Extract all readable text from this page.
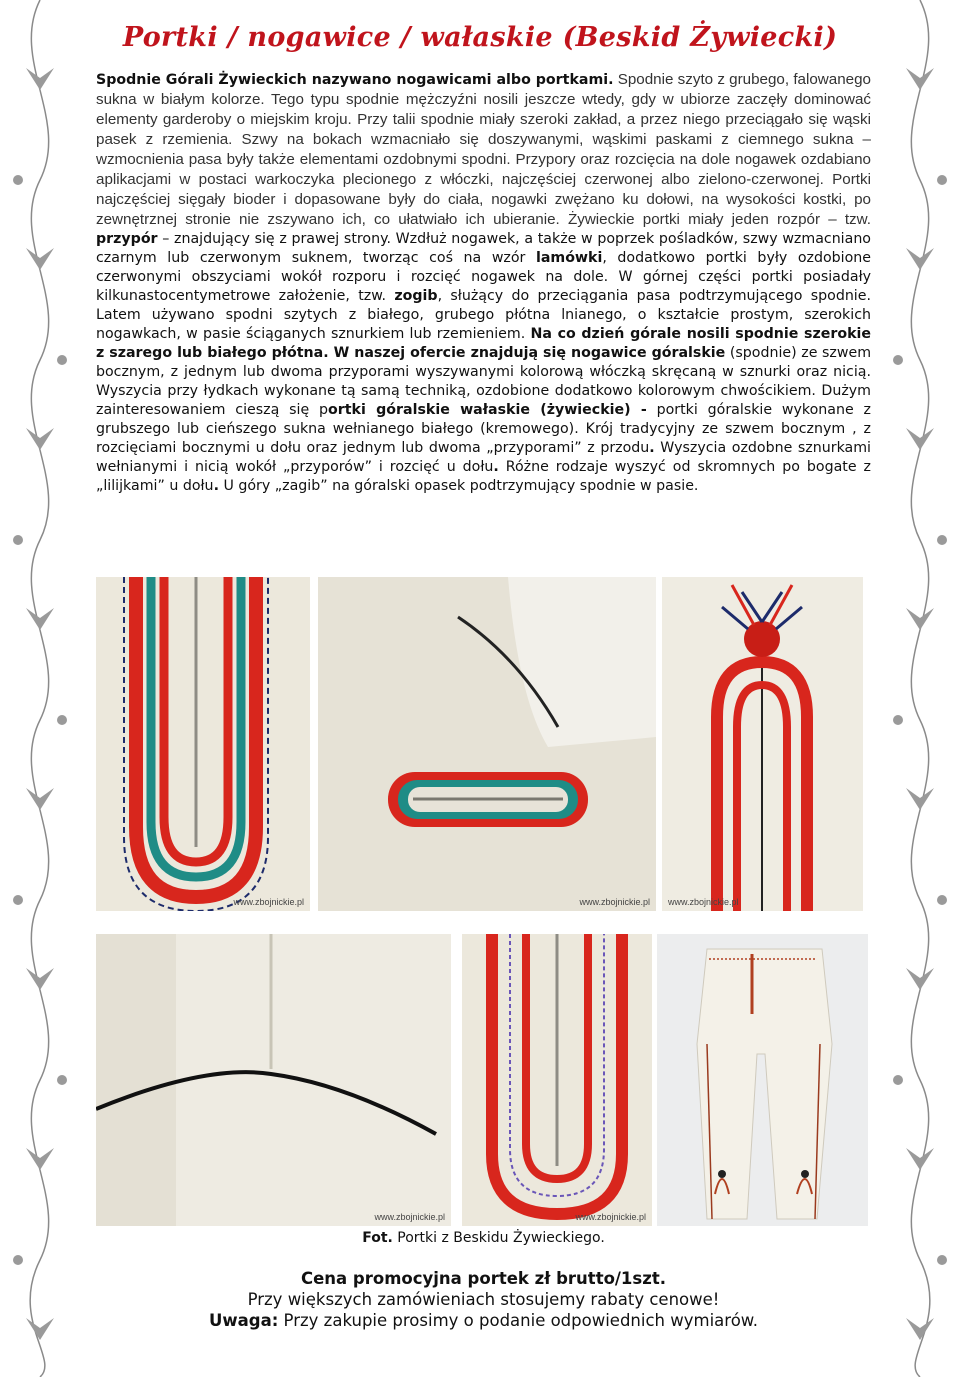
Portki / nogawice / wałaskie (Beskid Żywiecki)

Spodnie Górali Żywieckich nazywano nogawicami albo portkami. Spodnie szyto z grubego, falowanego sukna w białym kolorze. Tego typu spodnie mężczyźni nosili jeszcze wtedy, gdy w ubiorze zaczęły dominować elementy garderoby o miejskim kroju. Przy talii spodnie miały szeroki zakład, a przez niego przeciągało się wąski pasek z rzemienia. Szwy na bokach wzmacniało się doszywanymi, wąskimi paskami z ciemnego sukna – wzmocnienia pasa były także elementami ozdobnymi spodni. Przypory oraz rozcięcia na dole nogawek ozdabiano aplikacjami w postaci warkoczyka plecionego z włóczki, najczęściej czerwonej albo zielono-czerwonej. Portki najczęściej sięgały bioder i dopasowane były do ciała, nogawki zwężano ku dołowi, na wysokości kostki, po zewnętrznej stronie nie zszywano ich, co ułatwiało ich ubieranie. Żywieckie portki miały jeden rozpór – tzw. przypór – znajdujący się z prawej strony. Wzdłuż nogawek, a także w poprzek pośladków, szwy wzmacniano czarnym lub czerwonym suknem, tworząc coś na wzór lamówki, dodatkowo portki były ozdobione czerwonymi obszyciami wokół rozporu i rozcięć nogawek na dole. W górnej części portki posiadały kilkunastocentymetrowe założenie, tzw. zogib, służący do przeciągania pasa podtrzymującego spodnie. Latem używano spodni szytych z białego, grubego płótna lnianego, o kształcie prostym, szerokich nogawkach, w pasie ściąganych sznurkiem lub rzemieniem. Na co dzień górale nosili spodnie szerokie z szarego lub białego płótna. W naszej ofercie znajdują się nogawice góralskie (spodnie) ze szwem bocznym, z jednym lub dwoma przyporami wyszywanymi kolorową włóczką skręcaną w sznurki oraz nicią. Wyszycia przy łydkach wykonane tą samą techniką, ozdobione dodatkowo kolorowym chwościkiem. Dużym zainteresowaniem cieszą się portki góralskie wałaskie (żywieckie) - portki góralskie wykonane z grubszego lub cieńszego sukna wełnianego białego (kremowego). Krój tradycyjny ze szwem bocznym , z rozcięciami bocznymi u dołu oraz jednym lub dwoma „przyporami” z przodu. Wyszycia ozdobne sznurkami wełnianymi i nicią wokół „przyporów” i rozcięć u dołu. Różne rodzaje wyszyć od skromnych po bogate z „lilijkami” u dołu. U góry „zagib” na góralski opasek podtrzymujący spodnie w pasie.

www.zbojnickie.pl	www.zbojnickie.pl www.zbojnickie.pl
www.zbojnickie.pl	www.zbojnickie.pl
Fot. Portki z Beskidu Żywieckiego.
Cena promocyjna portek zł brutto/1szt.
Przy większych zamówieniach stosujemy rabaty cenowe!
Uwaga: Przy zakupie prosimy o podanie odpowiednich wymiarów.
